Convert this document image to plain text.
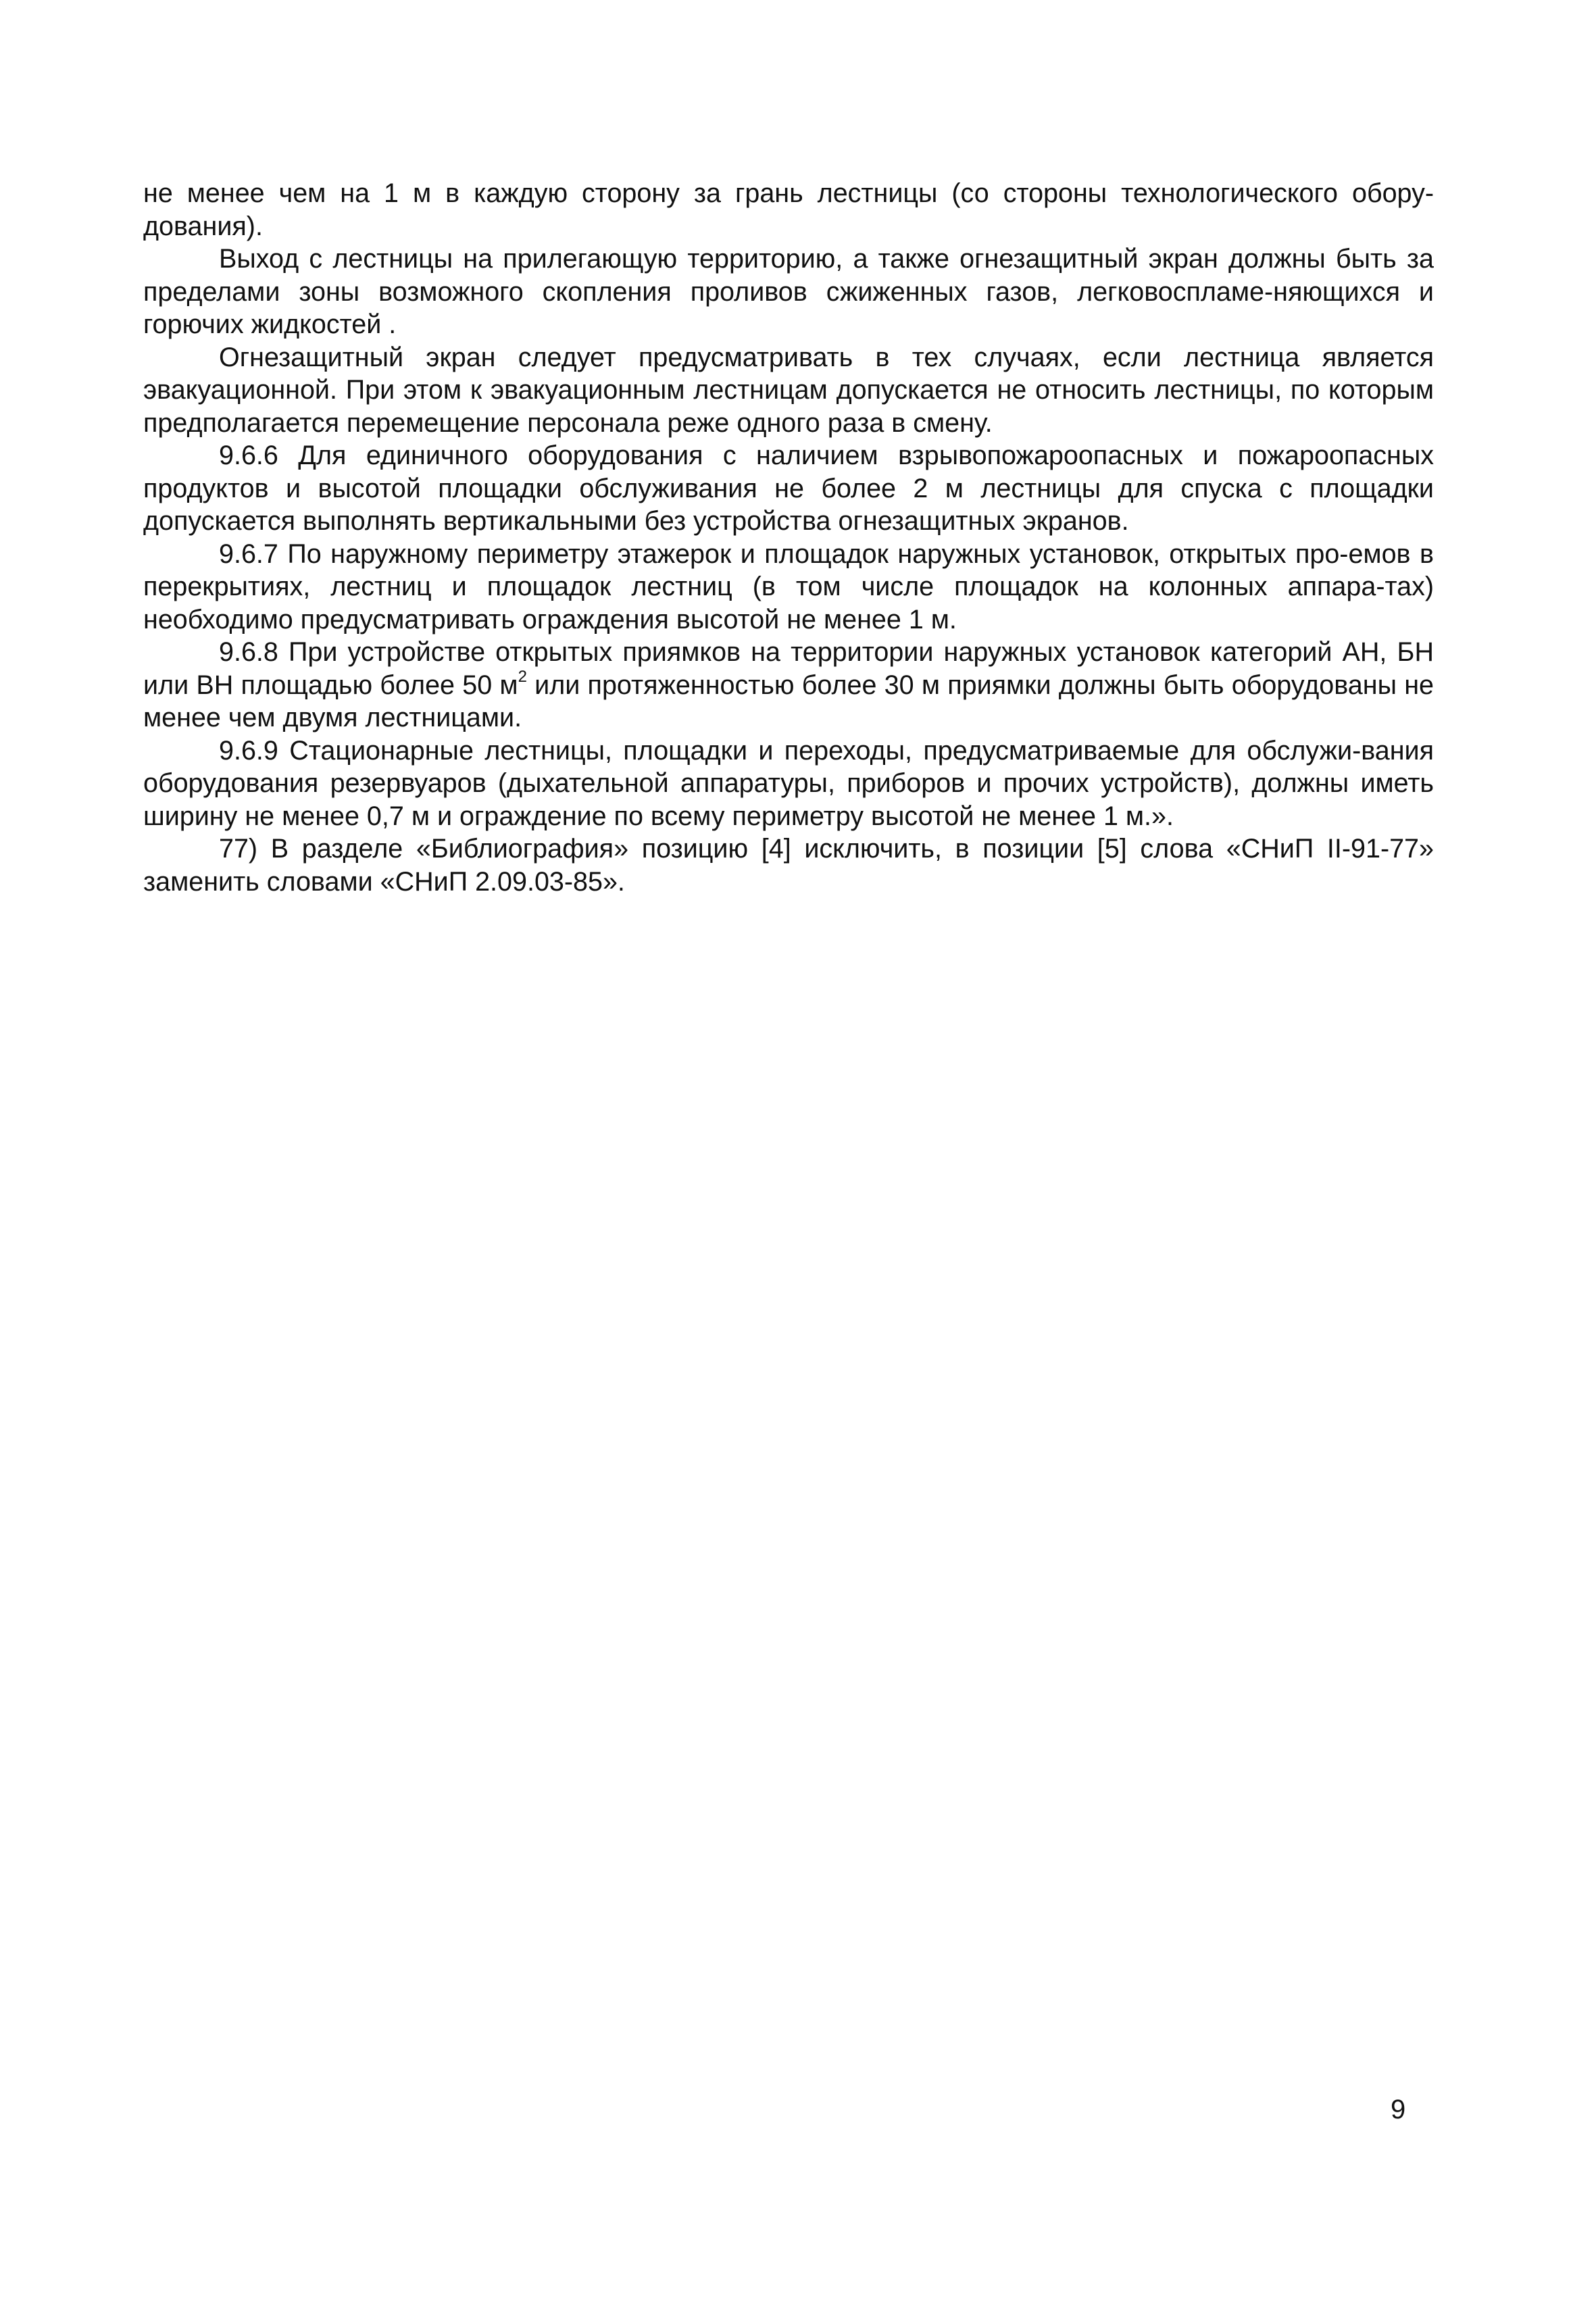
не менее чем на 1 м в каждую сторону за грань лестницы (со стороны технологического обору-дования).

Выход с лестницы на прилегающую территорию, а также огнезащитный экран должны быть за пределами зоны возможного скопления проливов сжиженных газов, легковоспламе-няющихся и горючих жидкостей .

Огнезащитный экран следует предусматривать в тех случаях, если лестница является эвакуационной. При этом к эвакуационным лестницам допускается не относить лестницы, по которым предполагается перемещение персонала реже одного раза в смену.

9.6.6 Для единичного оборудования с наличием взрывопожароопасных и пожароопасных продуктов и высотой площадки обслуживания не более 2 м лестницы для спуска с площадки допускается выполнять вертикальными без устройства огнезащитных экранов.

9.6.7 По наружному периметру этажерок и площадок наружных установок, открытых про-емов в перекрытиях, лестниц и площадок лестниц (в том числе площадок на колонных аппара-тах) необходимо предусматривать ограждения высотой не менее 1 м.

9.6.8 При устройстве открытых приямков на территории наружных установок категорий АН, БН или ВН площадью более 50 $м^2$ или протяженностью более 30 м приямки должны быть оборудованы не менее чем двумя лестницами.

9.6.9 Стационарные лестницы, площадки и переходы, предусматриваемые для обслужи-вания оборудования резервуаров (дыхательной аппаратуры, приборов и прочих устройств), должны иметь ширину не менее 0,7 м и ограждение по всему периметру высотой не менее 1 м.».

77) В разделе «Библиография» позицию [4] исключить, в позиции [5] слова «СНиП II-91-77» заменить словами «СНиП 2.09.03-85».

9
